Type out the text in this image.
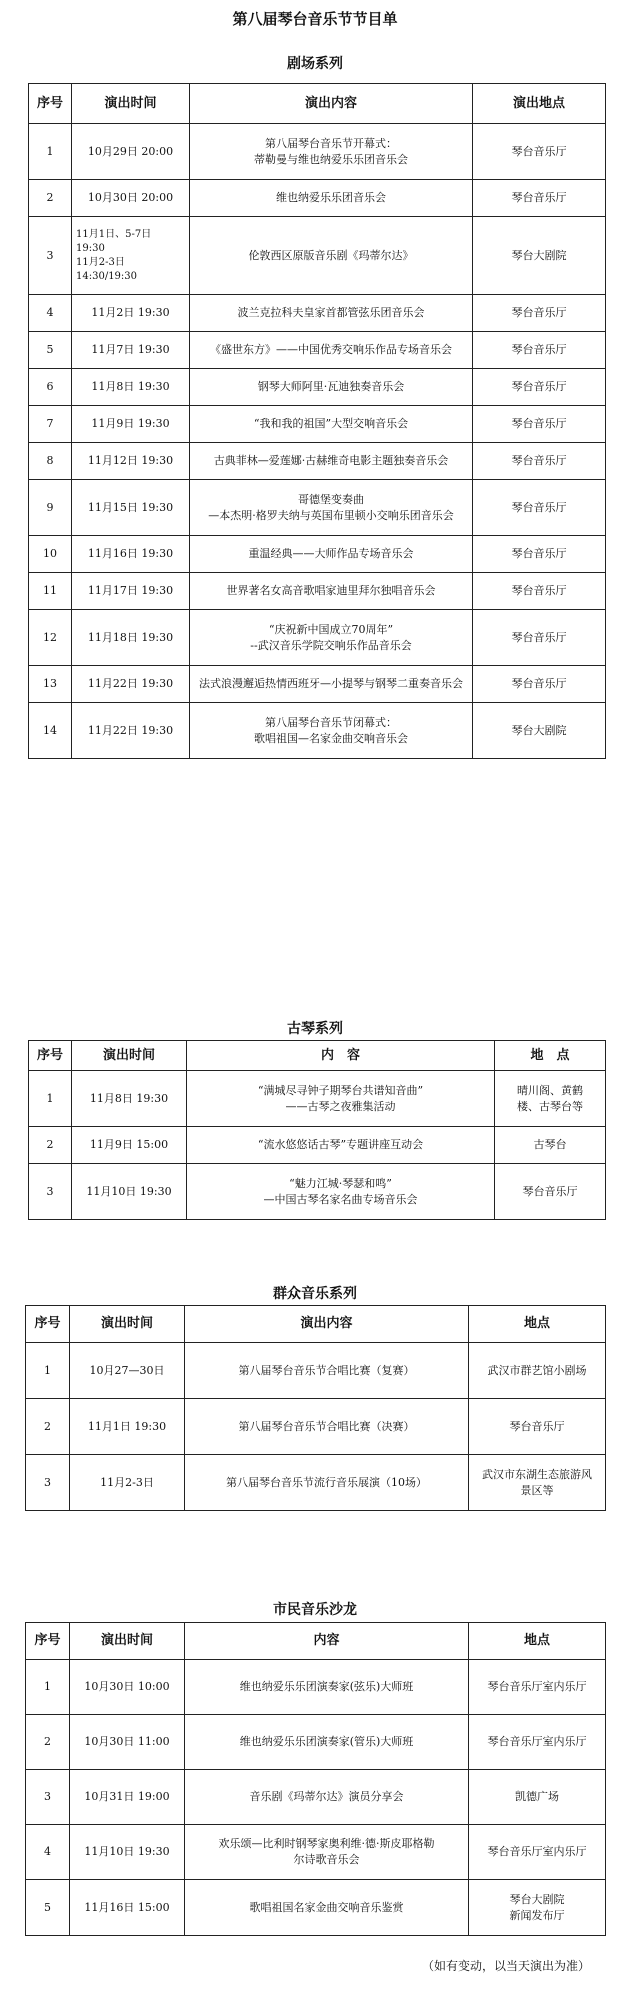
第八届琴台音乐节节目单
剧场系列
序号	演出时间	演出内容	演出地点
1	10月29日 20:00	第八届琴台音乐节开幕式：
蒂勒曼与维也纳爱乐乐团音乐会	琴台音乐厅

2	10月30日 20:00	维也纳爱乐乐团音乐会	琴台音乐厅

3	11月1日、5-7日
19:30
11月2-3日
14:30/19:30	伦敦西区原版音乐剧《玛蒂尔达》	琴台大剧院

4	11月2日 19:30	波兰克拉科夫皇家首都管弦乐团音乐会	琴台音乐厅

5	11月7日 19:30	《盛世东方》——中国优秀交响乐作品专场音乐会	琴台音乐厅

6	11月8日 19:30	钢琴大师阿里·瓦迪独奏音乐会	琴台音乐厅

7	11月9日 19:30	“我和我的祖国”大型交响音乐会	琴台音乐厅

8	11月12日 19:30	古典菲林—爱莲娜·古赫维奇电影主题独奏音乐会	琴台音乐厅

9	11月15日 19:30	哥德堡变奏曲
—本杰明·格罗夫纳与英国布里顿小交响乐团音乐会	琴台音乐厅

10	11月16日 19:30	重温经典——大师作品专场音乐会	琴台音乐厅

11	11月17日 19:30	世界著名女高音歌唱家迪里拜尔独唱音乐会	琴台音乐厅

12	11月18日 19:30	“庆祝新中国成立70周年”
--武汉音乐学院交响乐作品音乐会	琴台音乐厅

13	11月22日 19:30	法式浪漫邂逅热情西班牙—小提琴与钢琴二重奏音乐会	琴台音乐厅

14	11月22日 19:30	第八届琴台音乐节闭幕式：
歌唱祖国—名家金曲交响音乐会	琴台大剧院
古琴系列
序号	演出时间	内　容	地　点
1	11月8日 19:30	“满城尽寻钟子期琴台共谱知音曲”
——古琴之夜雅集活动	晴川阁、黄鹤
楼、古琴台等

2	11月9日 15:00	“流水悠悠话古琴”专题讲座互动会	古琴台

3	11月10日 19:30	“魅力江城·琴瑟和鸣”
—中国古琴名家名曲专场音乐会	琴台音乐厅
群众音乐系列
序号	演出时间	演出内容	地点
1	10月27—30日	第八届琴台音乐节合唱比赛（复赛）	武汉市群艺馆小剧场

2	11月1日 19:30	第八届琴台音乐节合唱比赛（决赛）	琴台音乐厅

3	11月2-3日	第八届琴台音乐节流行音乐展演（10场）	武汉市东湖生态旅游风
景区等
市民音乐沙龙
序号	演出时间	内容	地点
1	10月30日 10:00	维也纳爱乐乐团演奏家(弦乐)大师班	琴台音乐厅室内乐厅

2	10月30日 11:00	维也纳爱乐乐团演奏家(管乐)大师班	琴台音乐厅室内乐厅

3	10月31日 19:00	音乐剧《玛蒂尔达》演员分享会	凯德广场

4	11月10日 19:30	欢乐颂—比利时钢琴家奥利维·德·斯皮耶格勒
尔诗歌音乐会	琴台音乐厅室内乐厅

5	11月16日 15:00	歌唱祖国名家金曲交响音乐鉴赏	琴台大剧院
新闻发布厅
（如有变动，以当天演出为准）
